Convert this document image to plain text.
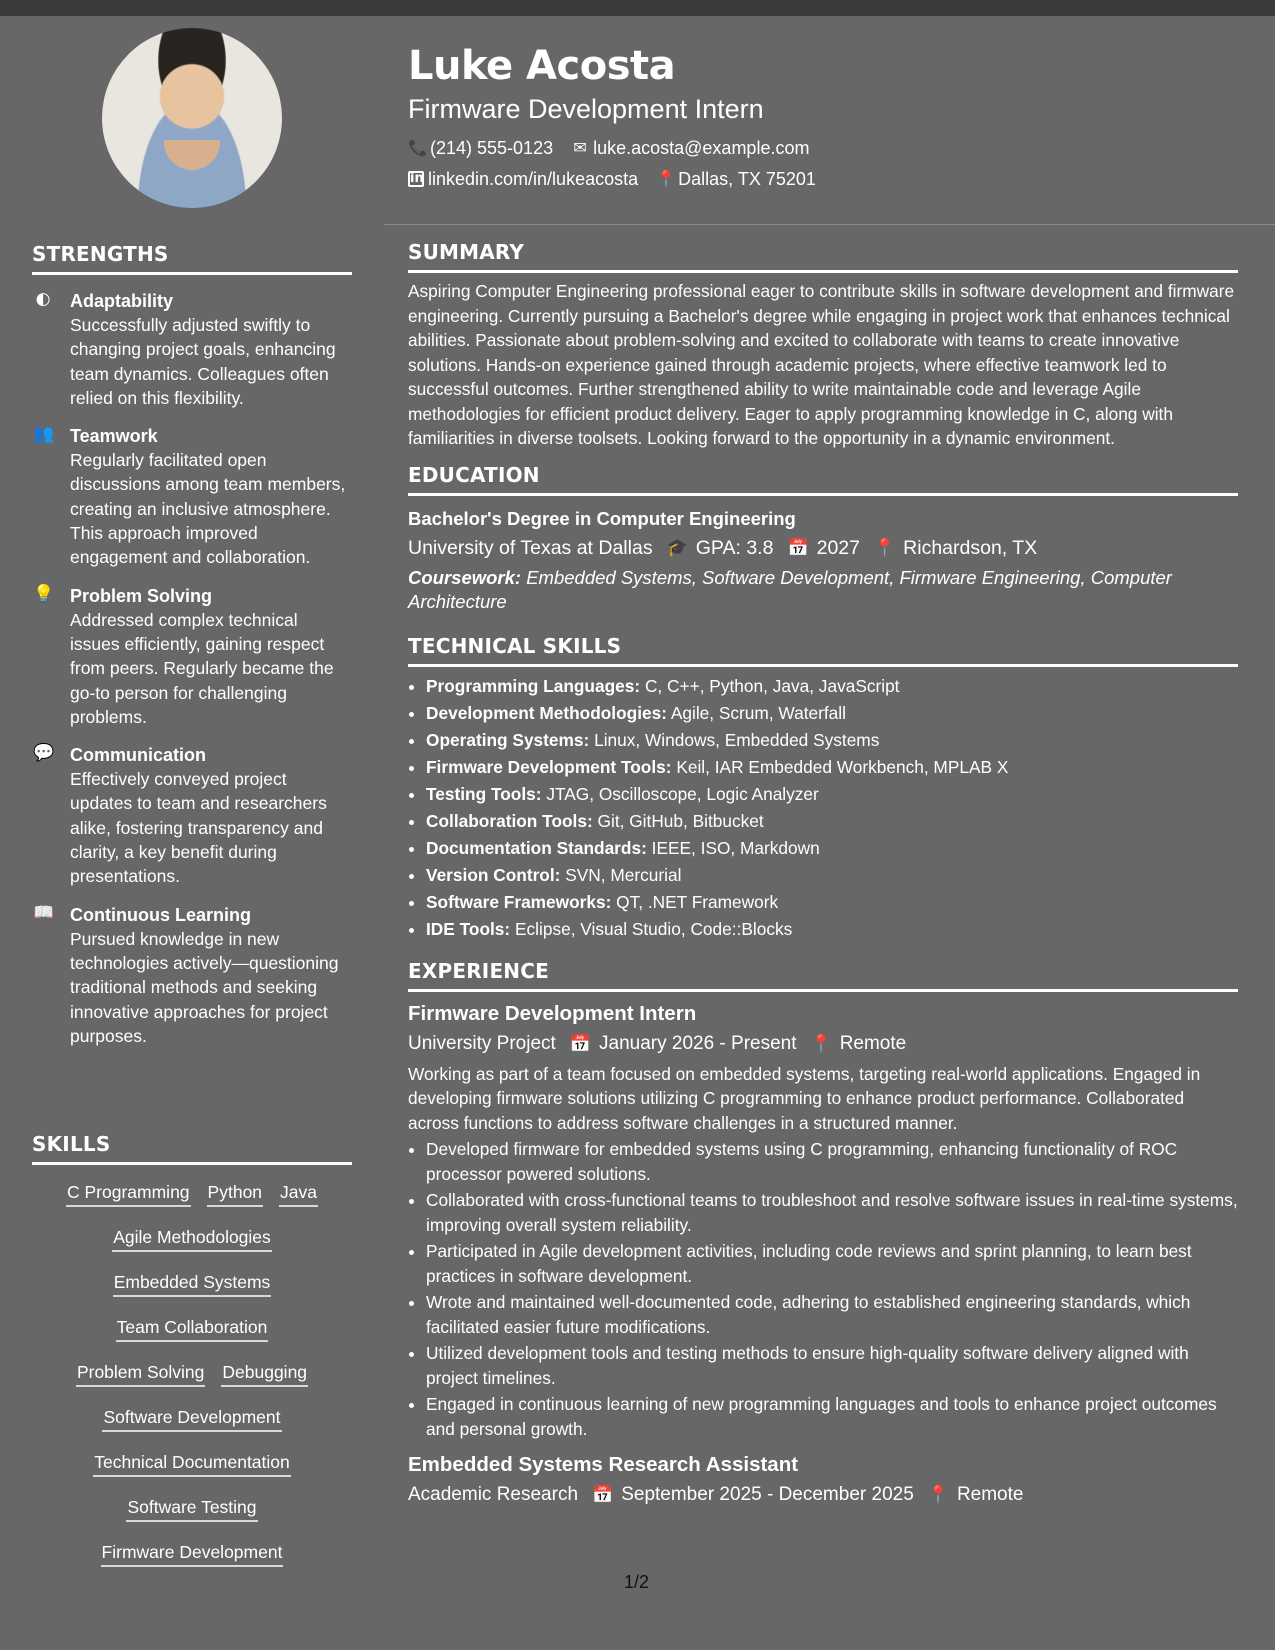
STRENGTHS
◐ Adaptability
Successfully adjusted swiftly to changing project goals, enhancing team dynamics. Colleagues often relied on this flexibility.
👥 Teamwork
Regularly facilitated open discussions among team members, creating an inclusive atmosphere. This approach improved engagement and collaboration.
💡 Problem Solving
Addressed complex technical issues efficiently, gaining respect from peers. Regularly became the go-to person for challenging problems.
💬 Communication
Effectively conveyed project updates to team and researchers alike, fostering transparency and clarity, a key benefit during presentations.
📖 Continuous Learning
Pursued knowledge in new technologies actively—questioning traditional methods and seeking innovative approaches for project purposes.
SKILLS
C Programming Python Java
Agile Methodologies
Embedded Systems
Team Collaboration
Problem Solving Debugging
Software Development
Technical Documentation
Software Testing
Firmware Development
Luke Acosta
Firmware Development Intern
📞 (214) 555-0123 ✉ luke.acosta@example.com
in linkedin.com/in/lukeacosta 📍 Dallas, TX 75201
SUMMARY
Aspiring Computer Engineering professional eager to contribute skills in software development and firmware engineering. Currently pursuing a Bachelor's degree while engaging in project work that enhances technical abilities. Passionate about problem-solving and excited to collaborate with teams to create innovative solutions. Hands-on experience gained through academic projects, where effective teamwork led to successful outcomes. Further strengthened ability to write maintainable code and leverage Agile methodologies for efficient product delivery. Eager to apply programming knowledge in C, along with familiarities in diverse toolsets. Looking forward to the opportunity in a dynamic environment.
EDUCATION
Bachelor's Degree in Computer Engineering
University of Texas at Dallas 🎓 GPA: 3.8 📅 2027 📍 Richardson, TX
Coursework: Embedded Systems, Software Development, Firmware Engineering, Computer Architecture
TECHNICAL SKILLS
• Programming Languages: C, C++, Python, Java, JavaScript
• Development Methodologies: Agile, Scrum, Waterfall
• Operating Systems: Linux, Windows, Embedded Systems
• Firmware Development Tools: Keil, IAR Embedded Workbench, MPLAB X
• Testing Tools: JTAG, Oscilloscope, Logic Analyzer
• Collaboration Tools: Git, GitHub, Bitbucket
• Documentation Standards: IEEE, ISO, Markdown
• Version Control: SVN, Mercurial
• Software Frameworks: QT, .NET Framework
• IDE Tools: Eclipse, Visual Studio, Code::Blocks
EXPERIENCE
Firmware Development Intern
University Project 📅 January 2026 - Present 📍 Remote
Working as part of a team focused on embedded systems, targeting real-world applications. Engaged in developing firmware solutions utilizing C programming to enhance product performance. Collaborated across functions to address software challenges in a structured manner.
• Developed firmware for embedded systems using C programming, enhancing functionality of ROC processor powered solutions.
• Collaborated with cross-functional teams to troubleshoot and resolve software issues in real-time systems, improving overall system reliability.
• Participated in Agile development activities, including code reviews and sprint planning, to learn best practices in software development.
• Wrote and maintained well-documented code, adhering to established engineering standards, which facilitated easier future modifications.
• Utilized development tools and testing methods to ensure high-quality software delivery aligned with project timelines.
• Engaged in continuous learning of new programming languages and tools to enhance project outcomes and personal growth.
Embedded Systems Research Assistant
Academic Research 📅 September 2025 - December 2025 📍 Remote
1/2
